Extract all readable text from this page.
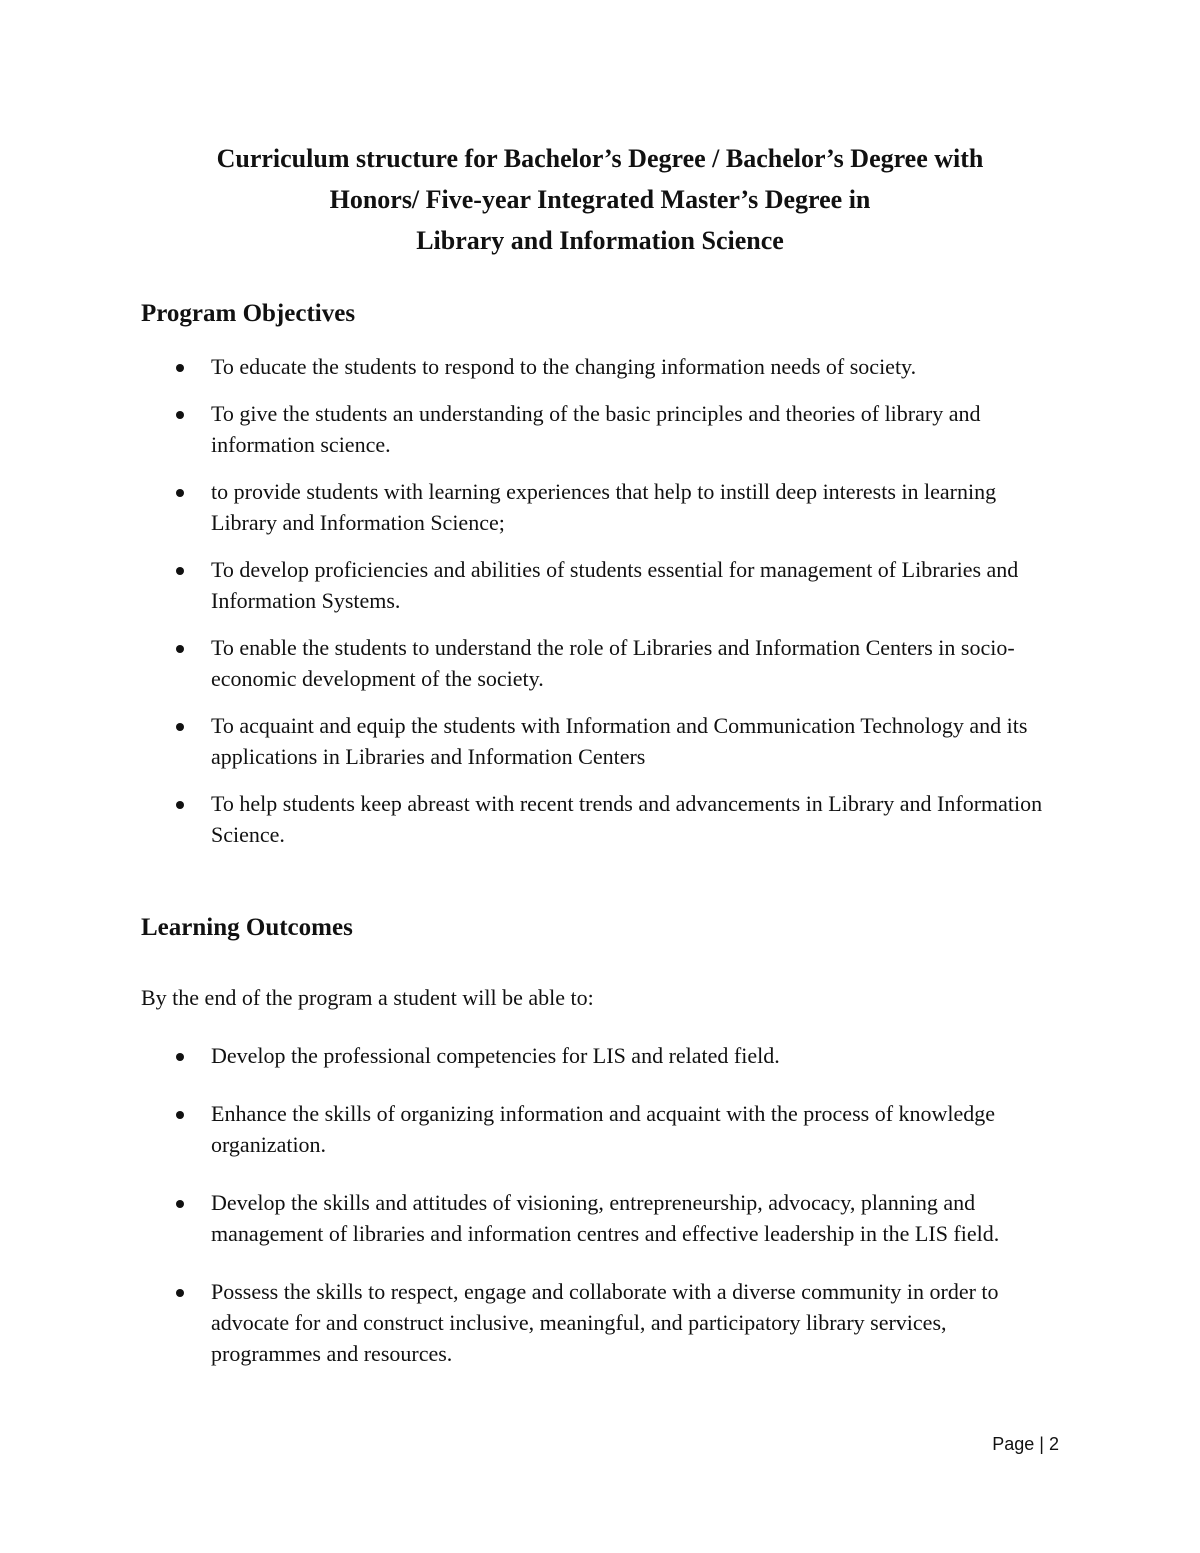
Curriculum structure for Bachelor’s Degree / Bachelor’s Degree with
Honors/ Five-year Integrated Master’s Degree in
Library and Information Science
Program Objectives
To educate the students to respond to the changing information needs of society.
To give the students an understanding of the basic principles and theories of library and information science.
to provide students with learning experiences that help to instill deep interests in learning Library and Information Science;
To develop proficiencies and abilities of students essential for management of Libraries and Information Systems.
To enable the students to understand the role of Libraries and Information Centers in socio-economic development of the society.
To acquaint and equip the students with Information and Communication Technology and its applications in Libraries and Information Centers
To help students keep abreast with recent trends and advancements in Library and Information Science.
Learning Outcomes

By the end of the program a student will be able to:

Develop the professional competencies for LIS and related field.
Enhance the skills of organizing information and acquaint with the process of knowledge organization.
Develop the skills and attitudes of visioning, entrepreneurship, advocacy, planning and management of libraries and information centres and effective leadership in the LIS field.
Possess the skills to respect, engage and collaborate with a diverse community in order to advocate for and construct inclusive, meaningful, and participatory library services, programmes and resources.
Page | 2
